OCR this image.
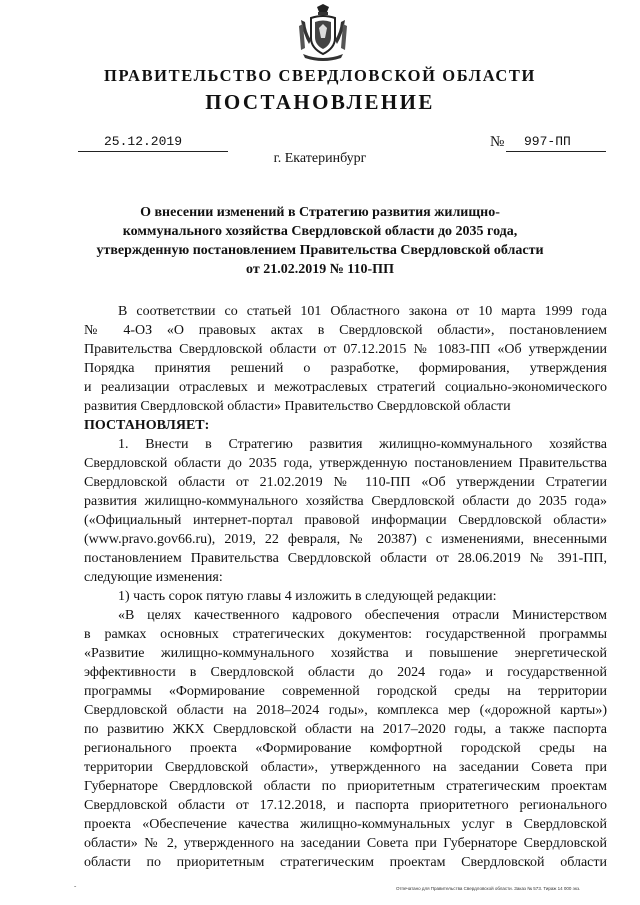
ПРАВИТЕЛЬСТВО СВЕРДЛОВСКОЙ ОБЛАСТИ
ПОСТАНОВЛЕНИЕ
25.12.2019	№	997-ПП
г. Екатеринбург
О внесении изменений в Стратегию развития жилищно-
коммунального хозяйства Свердловской области до 2035 года,
утвержденную постановлением Правительства Свердловской области
от 21.02.2019 № 110-ПП

В соответствии со статьей 101 Областного закона от 10 марта 1999 года

№ 4-ОЗ «О правовых актах в Свердловской области», постановлением

Правительства Свердловской области от 07.12.2015 № 1083-ПП «Об утверждении

Порядка принятия решений о разработке, формирования, утверждения

и реализации отраслевых и межотраслевых стратегий социально-экономического

развития Свердловской области» Правительство Свердловской области

ПОСТАНОВЛЯЕТ:

1. Внести в Стратегию развития жилищно-коммунального хозяйства

Свердловской области до 2035 года, утвержденную постановлением Правительства

Свердловской области от 21.02.2019 № 110-ПП «Об утверждении Стратегии

развития жилищно-коммунального хозяйства Свердловской области до 2035 года»

(«Официальный интернет-портал правовой информации Свердловской области»

(www.pravo.gov66.ru), 2019, 22 февраля, № 20387) с изменениями, внесенными

постановлением Правительства Свердловской области от 28.06.2019 № 391-ПП,

следующие изменения:

1) часть сорок пятую главы 4 изложить в следующей редакции:

«В целях качественного кадрового обеспечения отрасли Министерством

в рамках основных стратегических документов: государственной программы

«Развитие жилищно-коммунального хозяйства и повышение энергетической

эффективности в Свердловской области до 2024 года» и государственной

программы «Формирование современной городской среды на территории

Свердловской области на 2018–2024 годы», комплекса мер («дорожной карты»)

по развитию ЖКХ Свердловской области на 2017–2020 годы, а также паспорта

регионального проекта «Формирование комфортной городской среды на

территории Свердловской области», утвержденного на заседании Совета при

Губернаторе Свердловской области по приоритетным стратегическим проектам

Свердловской области от 17.12.2018, и паспорта приоритетного регионального

проекта «Обеспечение качества жилищно-коммунальных услуг в Свердловской

области» № 2, утвержденного на заседании Совета при Губернаторе Свердловской

области по приоритетным стратегическим проектам Свердловской области

-	Отпечатано для Правительства Свердловской области. Заказ № 573. Тираж 14 000 экз.
